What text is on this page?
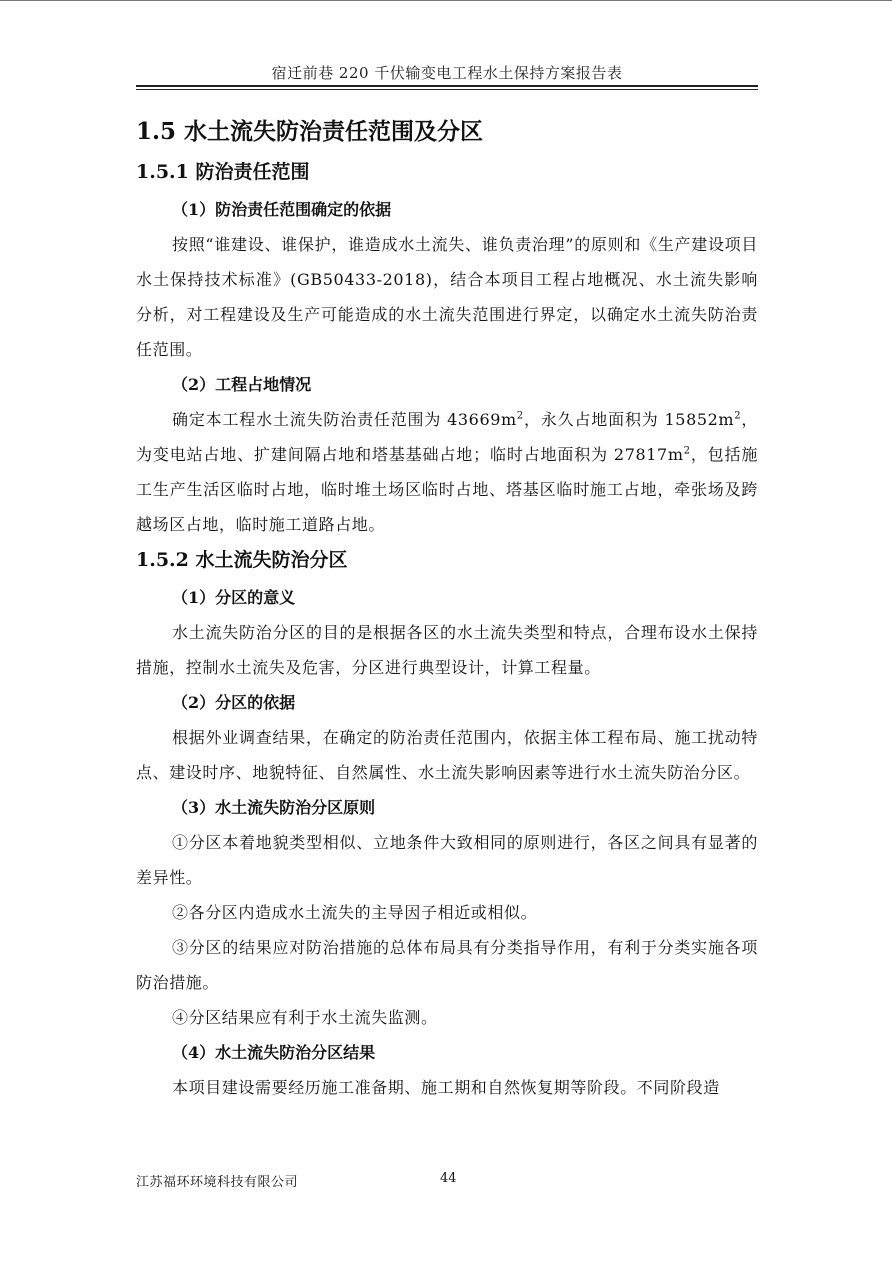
宿迁前巷 220 千伏输变电工程水土保持方案报告表
1.5 水土流失防治责任范围及分区
1.5.1 防治责任范围
（1）防治责任范围确定的依据

按照“谁建设、谁保护，谁造成水土流失、谁负责治理”的原则和《生产建设项目水土保持技术标准》(GB50433-2018)，结合本项目工程占地概况、水土流失影响分析，对工程建设及生产可能造成的水土流失范围进行界定，以确定水土流失防治责任范围。

（2）工程占地情况

确定本工程水土流失防治责任范围为 $43669m^2$，永久占地面积为 $15852m^2$，为变电站占地、扩建间隔占地和塔基基础占地；临时占地面积为 $27817m^2$，包括施工生产生活区临时占地，临时堆土场区临时占地、塔基区临时施工占地，牵张场及跨越场区占地，临时施工道路占地。

1.5.2 水土流失防治分区
（1）分区的意义

水土流失防治分区的目的是根据各区的水土流失类型和特点，合理布设水土保持措施，控制水土流失及危害，分区进行典型设计，计算工程量。

（2）分区的依据

根据外业调查结果，在确定的防治责任范围内，依据主体工程布局、施工扰动特点、建设时序、地貌特征、自然属性、水土流失影响因素等进行水土流失防治分区。

（3）水土流失防治分区原则

①分区本着地貌类型相似、立地条件大致相同的原则进行，各区之间具有显著的差异性。

②各分区内造成水土流失的主导因子相近或相似。

③分区的结果应对防治措施的总体布局具有分类指导作用，有利于分类实施各项防治措施。

④分区结果应有利于水土流失监测。

（4）水土流失防治分区结果

本项目建设需要经历施工准备期、施工期和自然恢复期等阶段。不同阶段造

江苏福环环境科技有限公司	44
